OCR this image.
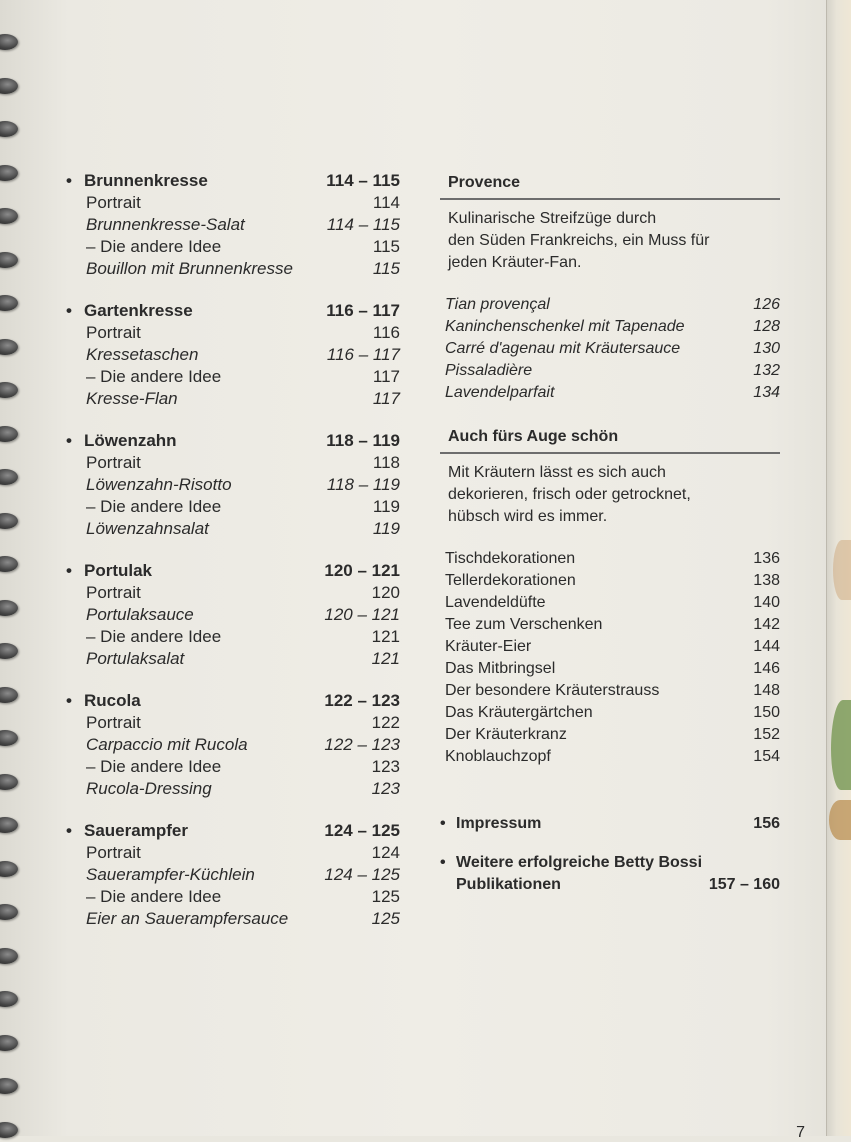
• Brunnenkresse	114 – 115
Portrait	114
Brunnenkresse-Salat	114 – 115
– Die andere Idee	115
Bouillon mit Brunnenkresse	115
• Gartenkresse	116 – 117
Portrait	116
Kressetaschen	116 – 117
– Die andere Idee	117
Kresse-Flan	117
• Löwenzahn	118 – 119
Portrait	118
Löwenzahn-Risotto	118 – 119
– Die andere Idee	119
Löwenzahnsalat	119
• Portulak	120 – 121
Portrait	120
Portulaksauce	120 – 121
– Die andere Idee	121
Portulaksalat	121
• Rucola	122 – 123
Portrait	122
Carpaccio mit Rucola	122 – 123
– Die andere Idee	123
Rucola-Dressing	123
• Sauerampfer	124 – 125
Portrait	124
Sauerampfer-Küchlein	124 – 125
– Die andere Idee	125
Eier an Sauerampfersauce	125
Provence
Kulinarische Streifzüge durch
den Süden Frankreichs, ein Muss für
jeden Kräuter-Fan.
Tian provençal	126
Kaninchenschenkel mit Tapenade	128
Carré d'agenau mit Kräutersauce	130
Pissaladière	132
Lavendelparfait	134
Auch fürs Auge schön
Mit Kräutern lässt es sich auch
dekorieren, frisch oder getrocknet,
hübsch wird es immer.
Tischdekorationen	136
Tellerdekorationen	138
Lavendeldüfte	140
Tee zum Verschenken	142
Kräuter-Eier	144
Das Mitbringsel	146
Der besondere Kräuterstrauss	148
Das Kräutergärtchen	150
Der Kräuterkranz	152
Knoblauchzopf	154
• Impressum	156
• Weitere erfolgreiche Betty Bossi
Publikationen	157 – 160
7
